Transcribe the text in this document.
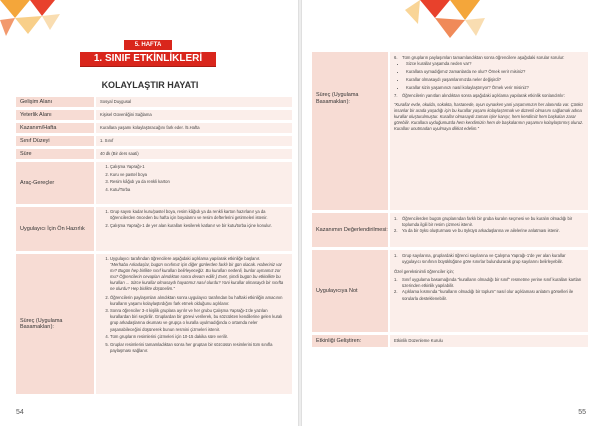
5. HAFTA
1. SINIF ETKİNLİKLERİ
KOLAYLAŞTIR HAYATI
Gelişim Alanı	Sosyal Duygusal
Yeterlik Alanı	Kişisel Güvenliğini Sağlama
Kazanım/Hafta	Kurallara yaşamı kolaylaştıracağını fark eder. /5.Hafta
Sınıf Düzeyi	1. Sınıf
Süre	40 dk (Bir ders saati)
Araç-Gereçler
1. Çalışma Yaprağı-1
2. Kuru ve pastel boya
3. Resim kâğıdı ya da renkli karton
4. Kutu/Torba
Uygulayıcı İçin Ön Hazırlık
1. Grup sayısı kadar kuru/pastel boya, resim kâğıdı ya da renkli karton hazırlanır ya da öğrencilerden önceden bu hafta için boyalarını ve resim defterlerini getirmeleri istenir.
2. Çalışma Yaprağı-1 de yer alan kuralları kesilerek katlanır ve bir kutu/torba içine konulur.
Süreç (Uygulama Basamakları):
1. Uygulayıcı tarafından öğrencilere aşağıdaki açıklama yapılarak etkinliğe başlanır.

"Merhaba Arkadaşlar, bugün sınıfımız için diğer günlerden farklı bir gün olacak. Haberiniz var mı? Bugün hep birlikte sınıf kuralları belirleyeceğiz. Bu kuralları nedenli, bunlar uymamız zor mu? Öğrencilerin cevapları alındıktan sonra devam edilir.) Evet, şimdi bugün bu etkinlikte bu kuralları ... Sizce kurallar olmasaydı hayatımız nasıl olurdu? Yani kurallar olmasaydı bir sınıfta ne olurdu? Hep birlikte düşünelim."

2. Öğrencilerin paylaşımları alındıktan sonra uygulayıcı tarafından bu haftaki etkinliğin amacının kuralların yaşamı kolaylaştırdığını fark etmek olduğunu açıklanır.
3. Sonra öğrenciler 3-4 kişilik gruplara ayrılır ve her grubu Çalışma Yaprağı-1'de yazılan kurallardan biri seçtirilir. Gruplardan bir görevi verilerek, bu sözcükten kendilerine gelen kuralı grup arkadaşlarına okuması ve grupça o kuralla uyulmadığında o ortamda neler yaşanabileceğini düşünerek bunun resmini çizmeleri istenir.
4. Tüm grupların resimlerini çizmeleri için 10-15 dakika süre verilir.
5. Gruplar resimlerini tamamladıktan sonra her gruptan bir sözcüsün resimlerini tüm sınıfla paylaşması sağlanır.
54
Süreç (Uygulama Basamakları):
6.	Tüm grupların paylaşımları tamamlandıktan sonra öğrencilere aşağıdaki sorular sorulur:
• Sizce kurallar yaşamda neden var?
• Kurallara uymadığımız zamanlarda ne olur? Örnek verir misiniz?
• Kurallar olmasaydı yaşamlarımızda neler değişirdi?
• Kurallar sizin yaşamınızı nasıl kolaylaştırıyor? Örnek verir misiniz?
7.	Öğrencilerin yanıtları alındıktan sonra aşağıdaki açıklama yapılarak etkinlik sonlandırılır:

"Kurallar evde, okulda, sokakta, hastanede, oyun oynarken yani yaşamımızın her alanında var. Çünkü insanlar bir arada yaşadığı için bu kurallar yaşamı kolaylaştırmak ve düzenli olmasını sağlamak adına kurallar oluşturulmuştur. Kurallar olmasaydı zaman işler karışır, hem kendimiz hem başkaları zarar görebilir. Kurallara uyduğumuzda hem kendimizin hem de başkalarının yaşamını kolaylaştırmış oluruz. Kuralları unutmadan uyulmaya dikkat edelim."

Kazanımın Değerlendirilmesi:
1.	Öğrencilerden bugün gruplarından farklı bir gruba kuralın seçmesi ve bu kuralın olmadığı bir toplumda ilgili bir resim çizmesi istenir.
2.	Ya da bir öykü oluşturması ve bu öyküyü arkadaşlarına ve ailelerine anlatması istenir.
Uygulayıcıya Not
1.	Grup sayılarına, gruplardaki öğrenci sayılarına ve Çalışma Yaprağı-1'de yer alan kurallar uygulayıcı sınıfının büyüklüğüne göre sınırlar bulundurarak grup sayılarını belirleyebilir.

Özel gereksinimli öğrenciler için;

1.	Sınıf uygulama basamağında "kuralların olmadığı bir sınıf" resmetme yerine sınıf kuralları kartları üzerinden etkinlik yapılabilir.
2.	Açıklama kısmında "kuralların olmadığı bir toplum" nasıl olur açıklaması anlatım görselleri ile sorularla desteklenebilir.
Etkinliği Geliştiren:	Etkinlik Düzenleme Kurulu
55
